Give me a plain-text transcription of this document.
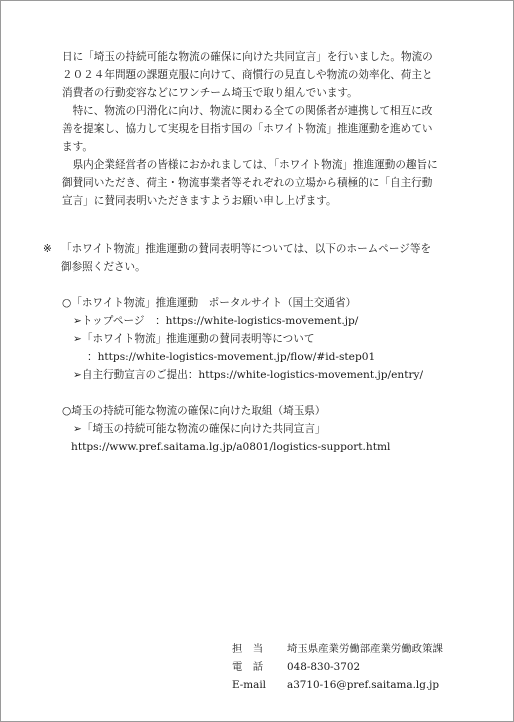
日に「埼玉の持続可能な物流の確保に向けた共同宣言」を行いました。物流の
２０２４年問題の課題克服に向けて、商慣行の見直しや物流の効率化、荷主と
消費者の行動変容などにワンチーム埼玉で取り組んでいます。
　特に、物流の円滑化に向け、物流に関わる全ての関係者が連携して相互に改
善を提案し、協力して実現を目指す国の「ホワイト物流」推進運動を進めてい
ます。
　県内企業経営者の皆様におかれましては､「ホワイト物流」推進運動の趣旨に
御賛同いただき、荷主・物流事業者等それぞれの立場から積極的に「自主行動
宣言」に賛同表明いただきますようお願い申し上げます。
※ 「ホワイト物流」推進運動の賛同表明等については、以下のホームページ等を
御参照ください。
○「ホワイト物流」推進運動　ポータルサイト（国土交通省）
➢トップページ　：https://white-logistics-movement.jp/
➢「ホワイト物流」推進運動の賛同表明等について
：https://white-logistics-movement.jp/flow/#id-step01
➢自主行動宣言のご提出：https://white-logistics-movement.jp/entry/
○埼玉の持続可能な物流の確保に向けた取組（埼玉県）
➢「埼玉の持続可能な物流の確保に向けた共同宣言」
https://www.pref.saitama.lg.jp/a0801/logistics-support.html
担　当 埼玉県産業労働部産業労働政策課
電　話 048-830-3702
E-mail a3710-16@pref.saitama.lg.jp
